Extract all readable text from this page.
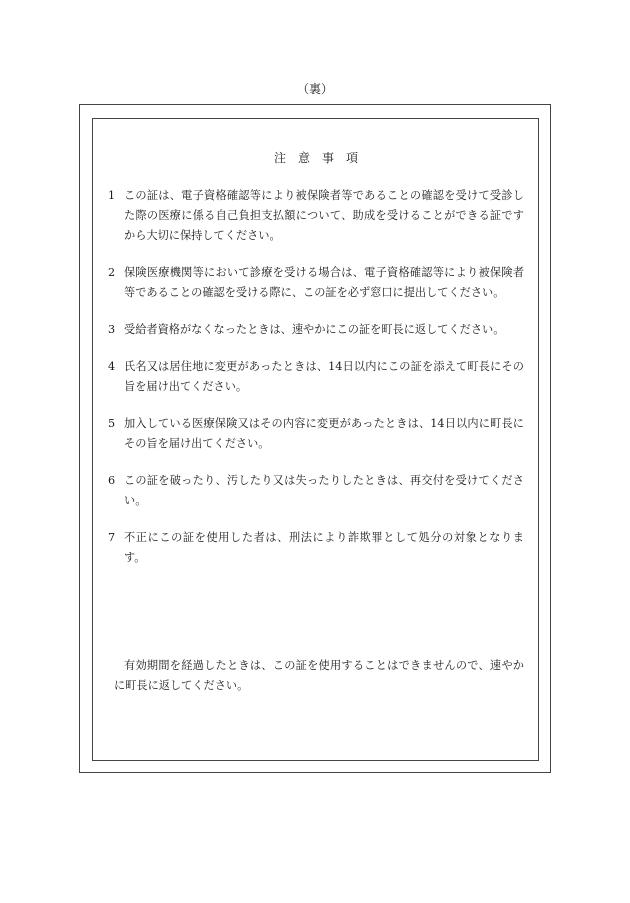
（裏）
注意事項
1 この証は、電子資格確認等により被保険者等であることの確認を受けて受診した際の医療に係る自己負担支払額について、助成を受けることができる証ですから大切に保持してください。
2 保険医療機関等において診療を受ける場合は、電子資格確認等により被保険者等であることの確認を受ける際に、この証を必ず窓口に提出してください。
3 受給者資格がなくなったときは、速やかにこの証を町長に返してください。
4 氏名又は居住地に変更があったときは、14日以内にこの証を添えて町長にその旨を届け出てください。
5 加入している医療保険又はその内容に変更があったときは、14日以内に町長にその旨を届け出てください。
6 この証を破ったり、汚したり又は失ったりしたときは、再交付を受けてください。
7 不正にこの証を使用した者は、刑法により詐欺罪として処分の対象となります。
有効期間を経過したときは、この証を使用することはできませんので、速やかに町長に返してください。
